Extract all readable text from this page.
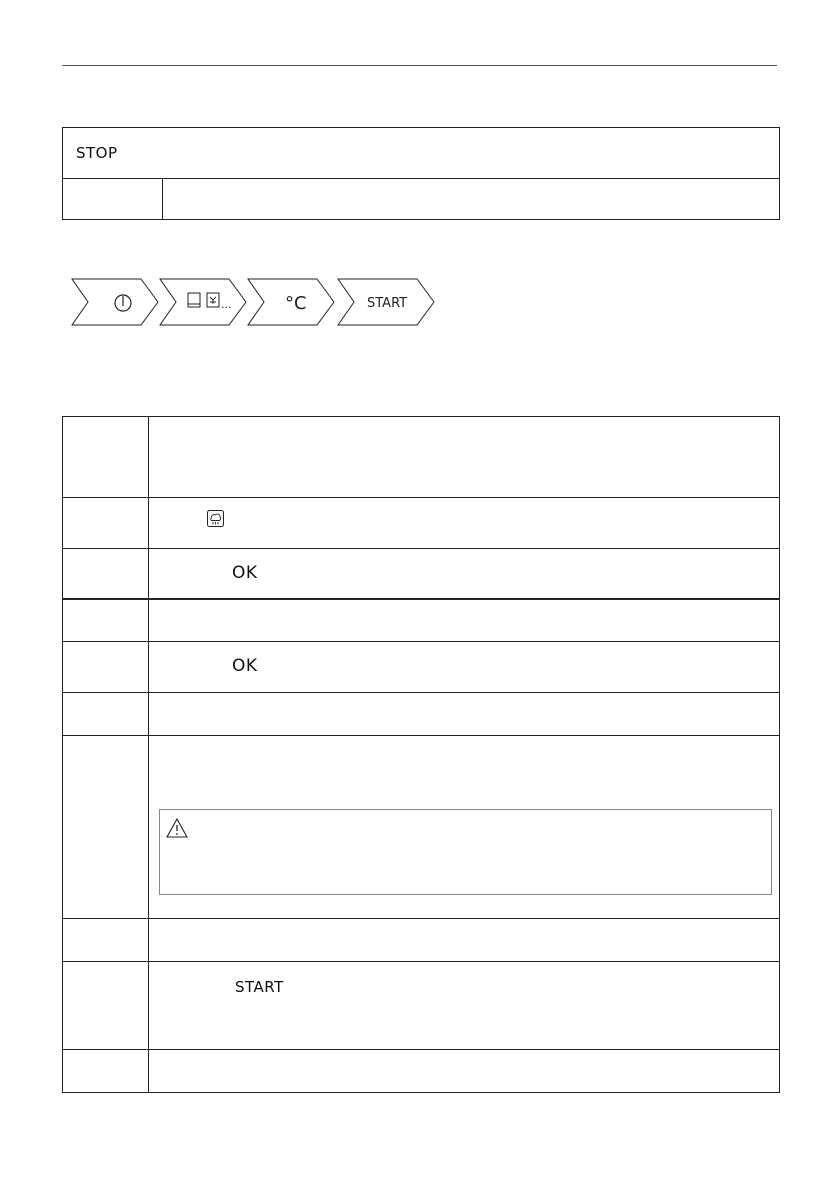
STOP
...	°C	START
OK
OK
START
